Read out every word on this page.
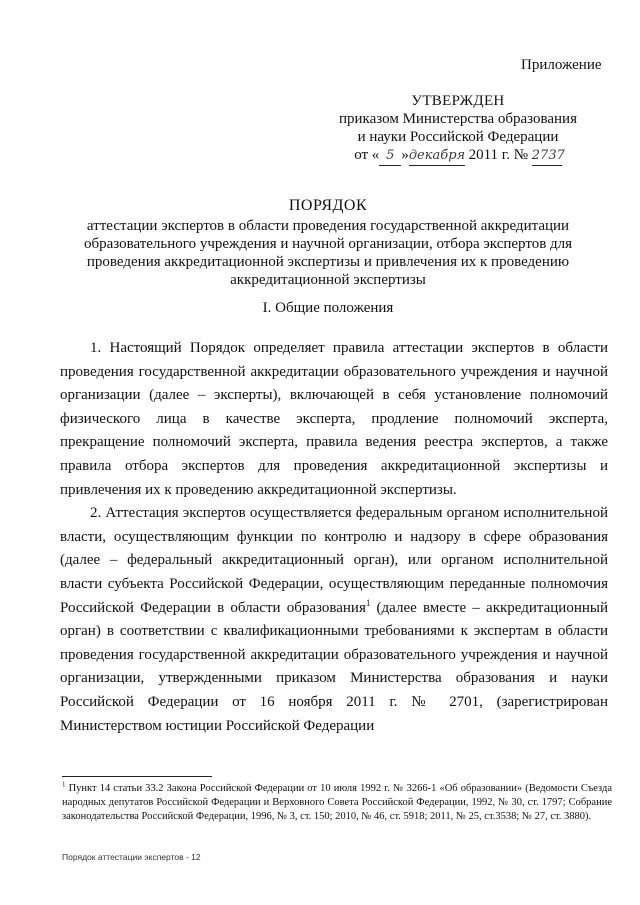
Приложение
УТВЕРЖДЕН
приказом Министерства образования
и науки Российской Федерации
от « 5 »декабря 2011 г. № 2737
ПОРЯДОК
аттестации экспертов в области проведения государственной аккредитации образовательного учреждения и научной организации, отбора экспертов для проведения аккредитационной экспертизы и привлечения их к проведению аккредитационной экспертизы
I. Общие положения

1. Настоящий Порядок определяет правила аттестации экспертов в области проведения государственной аккредитации образовательного учреждения и научной организации (далее – эксперты), включающей в себя установление полномочий физического лица в качестве эксперта, продление полномочий эксперта, прекращение полномочий эксперта, правила ведения реестра экспертов, а также правила отбора экспертов для проведения аккредитационной экспертизы и привлечения их к проведению аккредитационной экспертизы.

2. Аттестация экспертов осуществляется федеральным органом исполнительной власти, осуществляющим функции по контролю и надзору в сфере образования (далее – федеральный аккредитационный орган), или органом исполнительной власти субъекта Российской Федерации, осуществляющим переданные полномочия Российской Федерации в области образования$^1$ (далее вместе – аккредитационный орган) в соответствии с квалификационными требованиями к экспертам в области проведения государственной аккредитации образовательного учреждения и научной организации, утвержденными приказом Министерства образования и науки Российской Федерации от 16 ноября 2011 г. № 2701, (зарегистрирован Министерством юстиции Российской Федерации

$^1$ Пункт 14 статьи 33.2 Закона Российской Федерации от 10 июля 1992 г. № 3266-1 «Об образовании» (Ведомости Съезда народных депутатов Российской Федерации и Верховного Совета Российской Федерации, 1992, № 30, ст. 1797; Собрание законодательства Российской Федерации, 1996, № 3, ст. 150; 2010, № 46, ст. 5918; 2011, № 25, ст.3538; № 27, ст. 3880).
Порядок аттестации экспертов - 12
